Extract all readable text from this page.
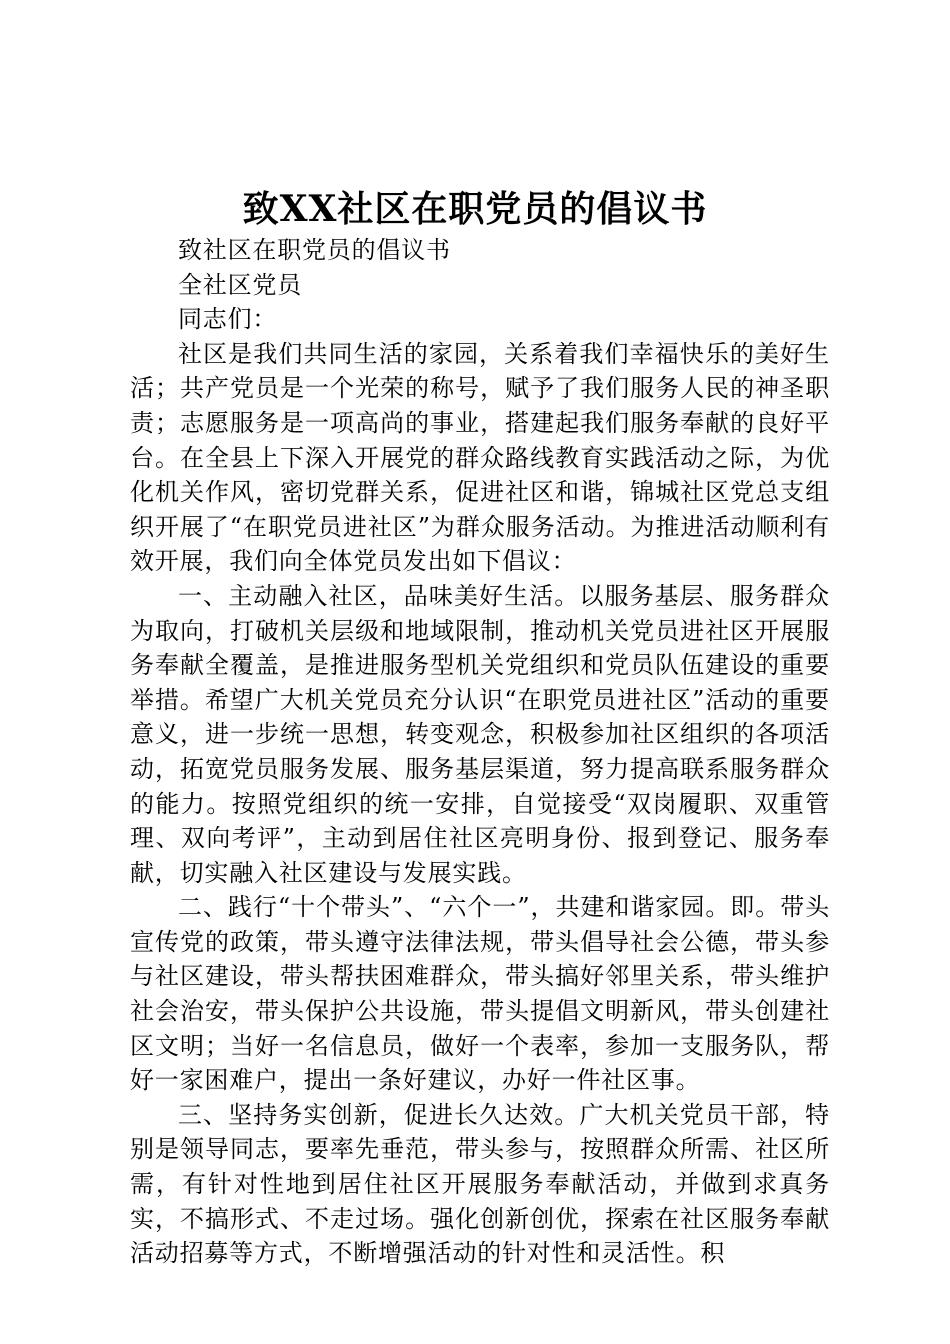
致XX社区在职党员的倡议书

致社区在职党员的倡议书

全社区党员

同志们：

社区是我们共同生活的家园，关系着我们幸福快乐的美好生活；共产党员是一个光荣的称号，赋予了我们服务人民的神圣职责；志愿服务是一项高尚的事业，搭建起我们服务奉献的良好平台。在全县上下深入开展党的群众路线教育实践活动之际，为优化机关作风，密切党群关系，促进社区和谐，锦城社区党总支组织开展了“在职党员进社区”为群众服务活动。为推进活动顺利有效开展，我们向全体党员发出如下倡议：

一、主动融入社区，品味美好生活。以服务基层、服务群众为取向，打破机关层级和地域限制，推动机关党员进社区开展服务奉献全覆盖，是推进服务型机关党组织和党员队伍建设的重要举措。希望广大机关党员充分认识“在职党员进社区”活动的重要意义，进一步统一思想，转变观念，积极参加社区组织的各项活动，拓宽党员服务发展、服务基层渠道，努力提高联系服务群众的能力。按照党组织的统一安排，自觉接受“双岗履职、双重管理、双向考评”，主动到居住社区亮明身份、报到登记、服务奉献，切实融入社区建设与发展实践。

二、践行“十个带头”、“六个一”，共建和谐家园。即。带头宣传党的政策，带头遵守法律法规，带头倡导社会公德，带头参与社区建设，带头帮扶困难群众，带头搞好邻里关系，带头维护社会治安，带头保护公共设施，带头提倡文明新风，带头创建社区文明；当好一名信息员，做好一个表率，参加一支服务队，帮好一家困难户，提出一条好建议，办好一件社区事。

三、坚持务实创新，促进长久达效。广大机关党员干部，特别是领导同志，要率先垂范，带头参与，按照群众所需、社区所需，有针对性地到居住社区开展服务奉献活动，并做到求真务实，不搞形式、不走过场。强化创新创优，探索在社区服务奉献活动招募等方式，不断增强活动的针对性和灵活性。积
